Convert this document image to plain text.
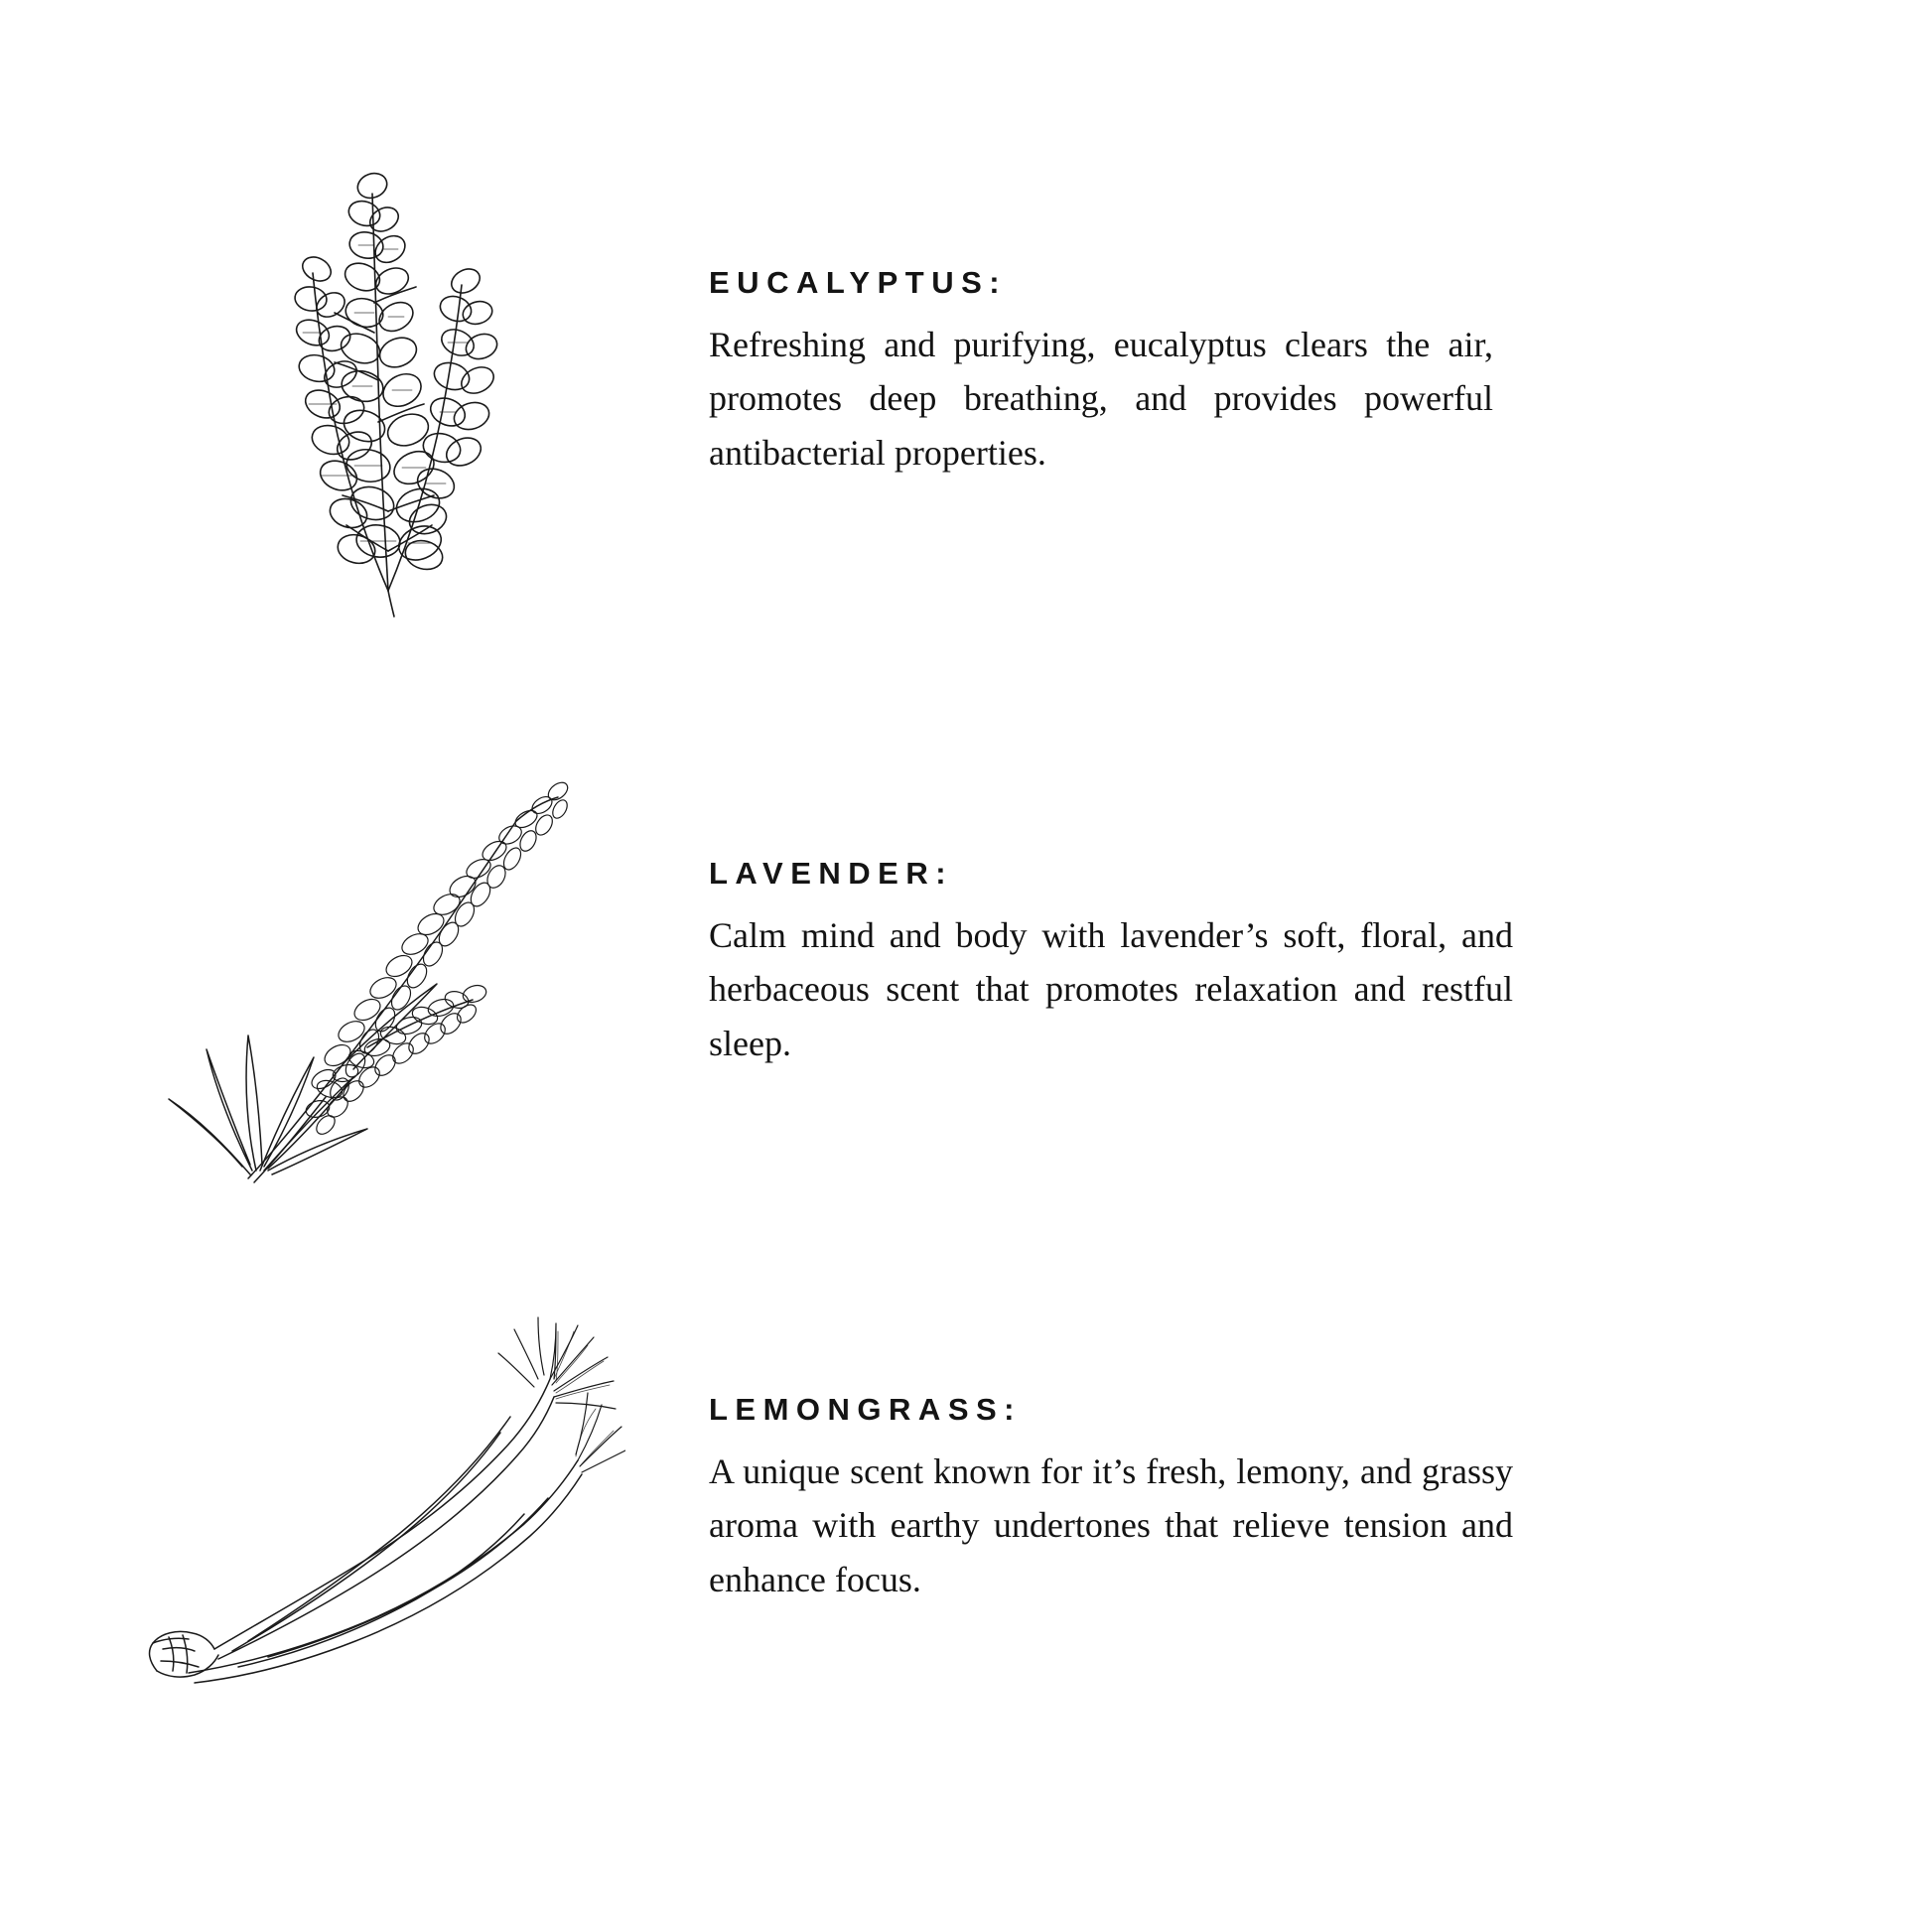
EUCALYPTUS:

Refreshing and purifying, eucalyptus clears the air, promotes deep breathing, and provides powerful antibacterial properties.

LAVENDER:

Calm mind and body with lavender’s soft, floral, and herbaceous scent that promotes relaxation and restful sleep.

LEMONGRASS:

A unique scent known for it’s fresh, lemony, and grassy aroma with earthy undertones that relieve tension and enhance focus.
